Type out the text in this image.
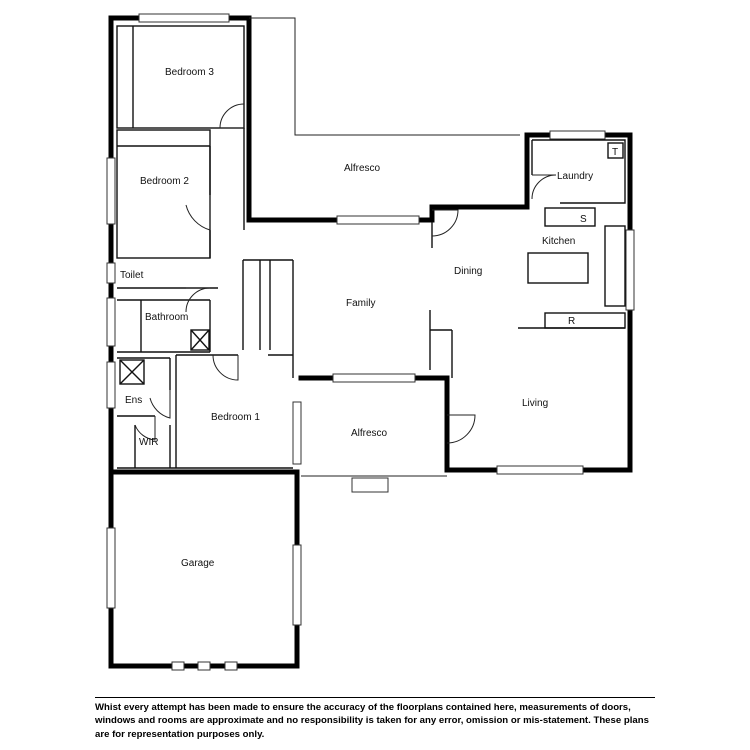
T
S
R
Bedroom 3
Bedroom 2
Alfresco
Laundry
Kitchen
Toilet	Dining
Family
Bathroom
Ens
Bedroom 1
WIR
Alfresco
Living
Garage
Whist every attempt has been made to ensure the accuracy of the floorplans contained here, measurements of doors, windows and rooms are approximate and no responsibility is taken for any error, omission or mis-statement. These plans are for representation purposes only.
